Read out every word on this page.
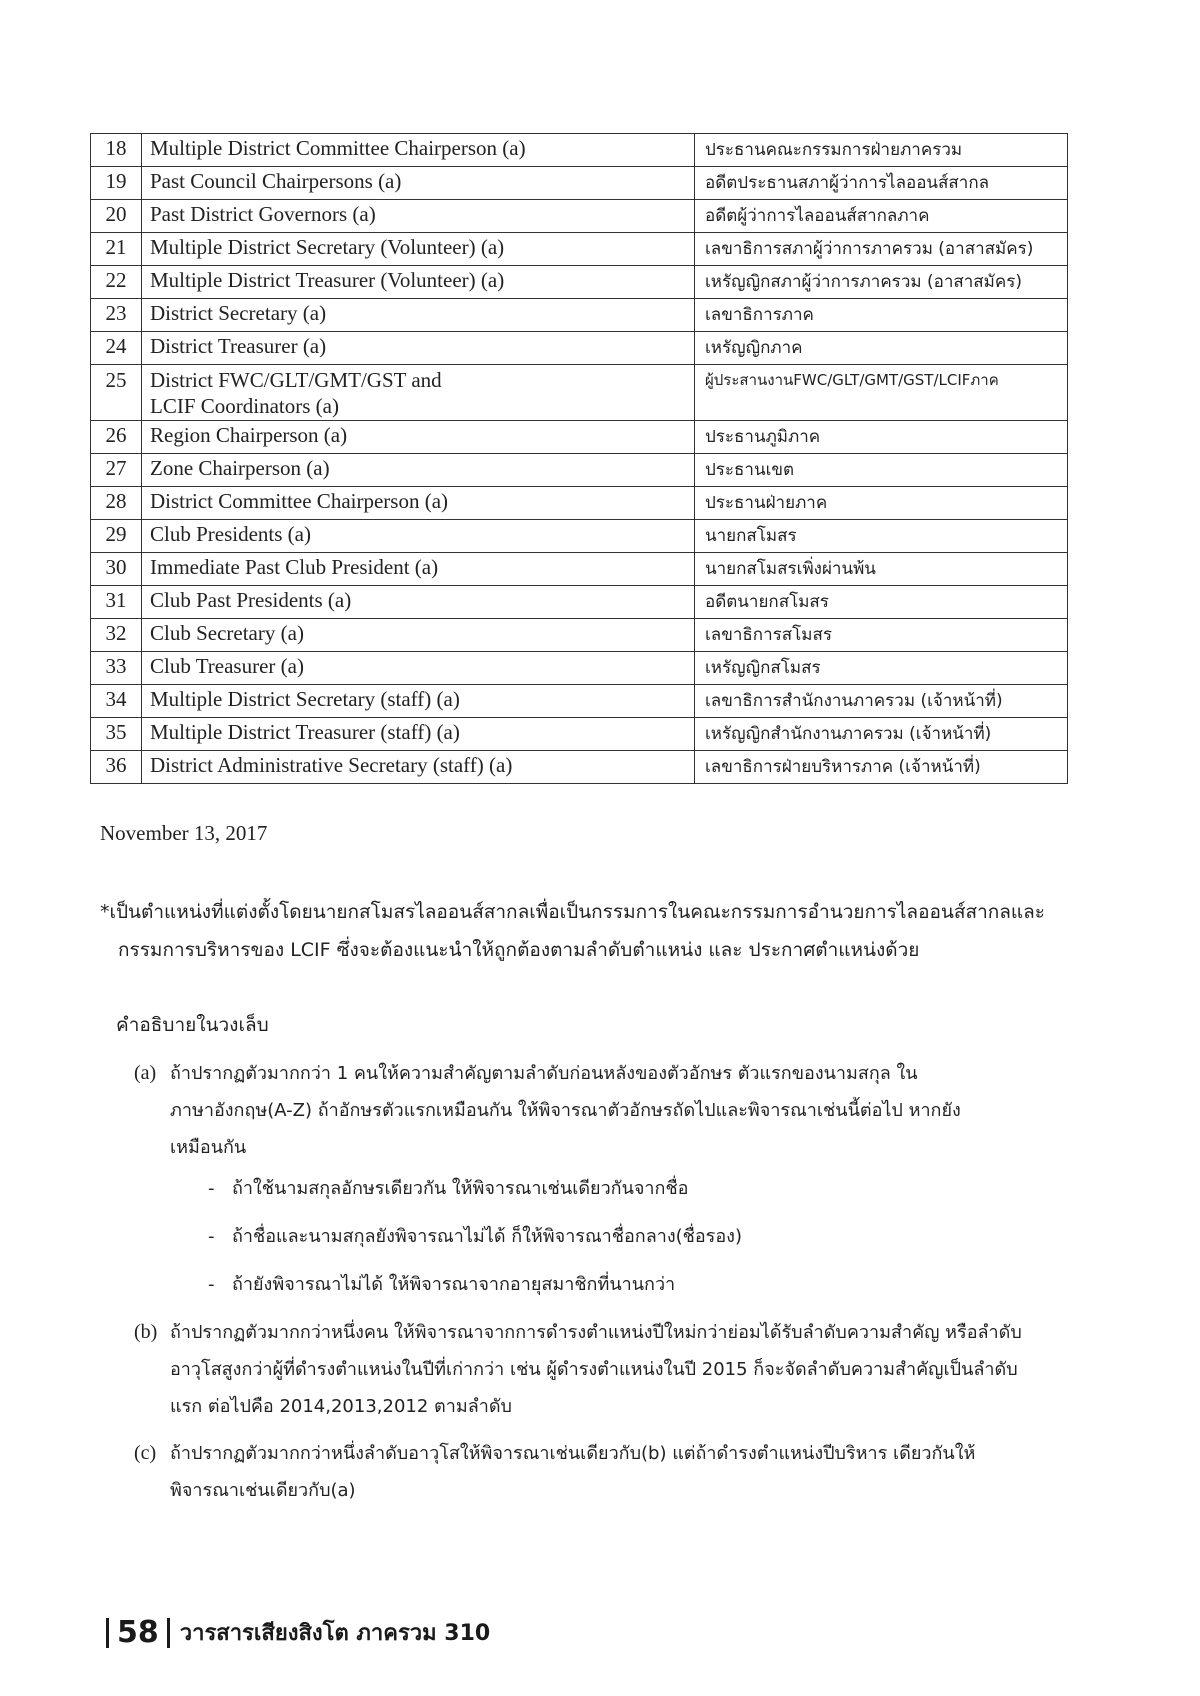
18	Multiple District Committee Chairperson (a)	ประธานคณะกรรมการฝ่ายภาครวม
19	Past Council Chairpersons (a)	อดีตประธานสภาผู้ว่าการไลออนส์สากล
20	Past District Governors (a)	อดีตผู้ว่าการไลออนส์สากลภาค
21	Multiple District Secretary (Volunteer) (a)	เลขาธิการสภาผู้ว่าการภาครวม (อาสาสมัคร)
22	Multiple District Treasurer (Volunteer) (a)	เหรัญญิกสภาผู้ว่าการภาครวม (อาสาสมัคร)
23	District Secretary (a)	เลขาธิการภาค
24	District Treasurer (a)	เหรัญญิกภาค
25	District FWC/GLT/GMT/GST and
LCIF Coordinators (a)	ผู้ประสานงานFWC/GLT/GMT/GST/LCIFภาค
26	Region Chairperson (a)	ประธานภูมิภาค
27	Zone Chairperson (a)	ประธานเขต
28	District Committee Chairperson (a)	ประธานฝ่ายภาค
29	Club Presidents (a)	นายกสโมสร
30	Immediate Past Club President (a)	นายกสโมสรเพิ่งผ่านพ้น
31	Club Past Presidents (a)	อดีตนายกสโมสร
32	Club Secretary (a)	เลขาธิการสโมสร
33	Club Treasurer (a)	เหรัญญิกสโมสร
34	Multiple District Secretary (staff) (a)	เลขาธิการสำนักงานภาครวม (เจ้าหน้าที่)
35	Multiple District Treasurer (staff) (a)	เหรัญญิกสำนักงานภาครวม (เจ้าหน้าที่)
36	District Administrative Secretary (staff) (a)	เลขาธิการฝ่ายบริหารภาค (เจ้าหน้าที่)
November 13, 2017
*เป็นตำแหน่งที่แต่งตั้งโดยนายกสโมสรไลออนส์สากลเพื่อเป็นกรรมการในคณะกรรมการอำนวยการไลออนส์สากลและ
กรรมการบริหารของ LCIF ซึ่งจะต้องแนะนำให้ถูกต้องตามลำดับตำแหน่ง และ ประกาศตำแหน่งด้วย
คำอธิบายในวงเล็บ
(a) ถ้าปรากฏตัวมากกว่า 1 คนให้ความสำคัญตามลำดับก่อนหลังของตัวอักษร ตัวแรกของนามสกุล ใน
ภาษาอังกฤษ(A-Z) ถ้าอักษรตัวแรกเหมือนกัน ให้พิจารณาตัวอักษรถัดไปและพิจารณาเช่นนี้ต่อไป หากยัง
เหมือนกัน
- ถ้าใช้นามสกุลอักษรเดียวกัน ให้พิจารณาเช่นเดียวกันจากชื่อ
- ถ้าชื่อและนามสกุลยังพิจารณาไม่ได้ ก็ให้พิจารณาชื่อกลาง(ชื่อรอง)
- ถ้ายังพิจารณาไม่ได้ ให้พิจารณาจากอายุสมาชิกที่นานกว่า
(b) ถ้าปรากฏตัวมากกว่าหนึ่งคน ให้พิจารณาจากการดำรงตำแหน่งปีใหม่กว่าย่อมได้รับลำดับความสำคัญ หรือลำดับ
อาวุโสสูงกว่าผู้ที่ดำรงตำแหน่งในปีที่เก่ากว่า เช่น ผู้ดำรงตำแหน่งในปี 2015 ก็จะจัดลำดับความสำคัญเป็นลำดับ
แรก ต่อไปคือ 2014,2013,2012 ตามลำดับ
(c) ถ้าปรากฏตัวมากกว่าหนึ่งลำดับอาวุโสให้พิจารณาเช่นเดียวกับ(b) แต่ถ้าดำรงตำแหน่งปีบริหาร เดียวกันให้
พิจารณาเช่นเดียวกับ(a)
58 วารสารเสียงสิงโต ภาครวม 310
